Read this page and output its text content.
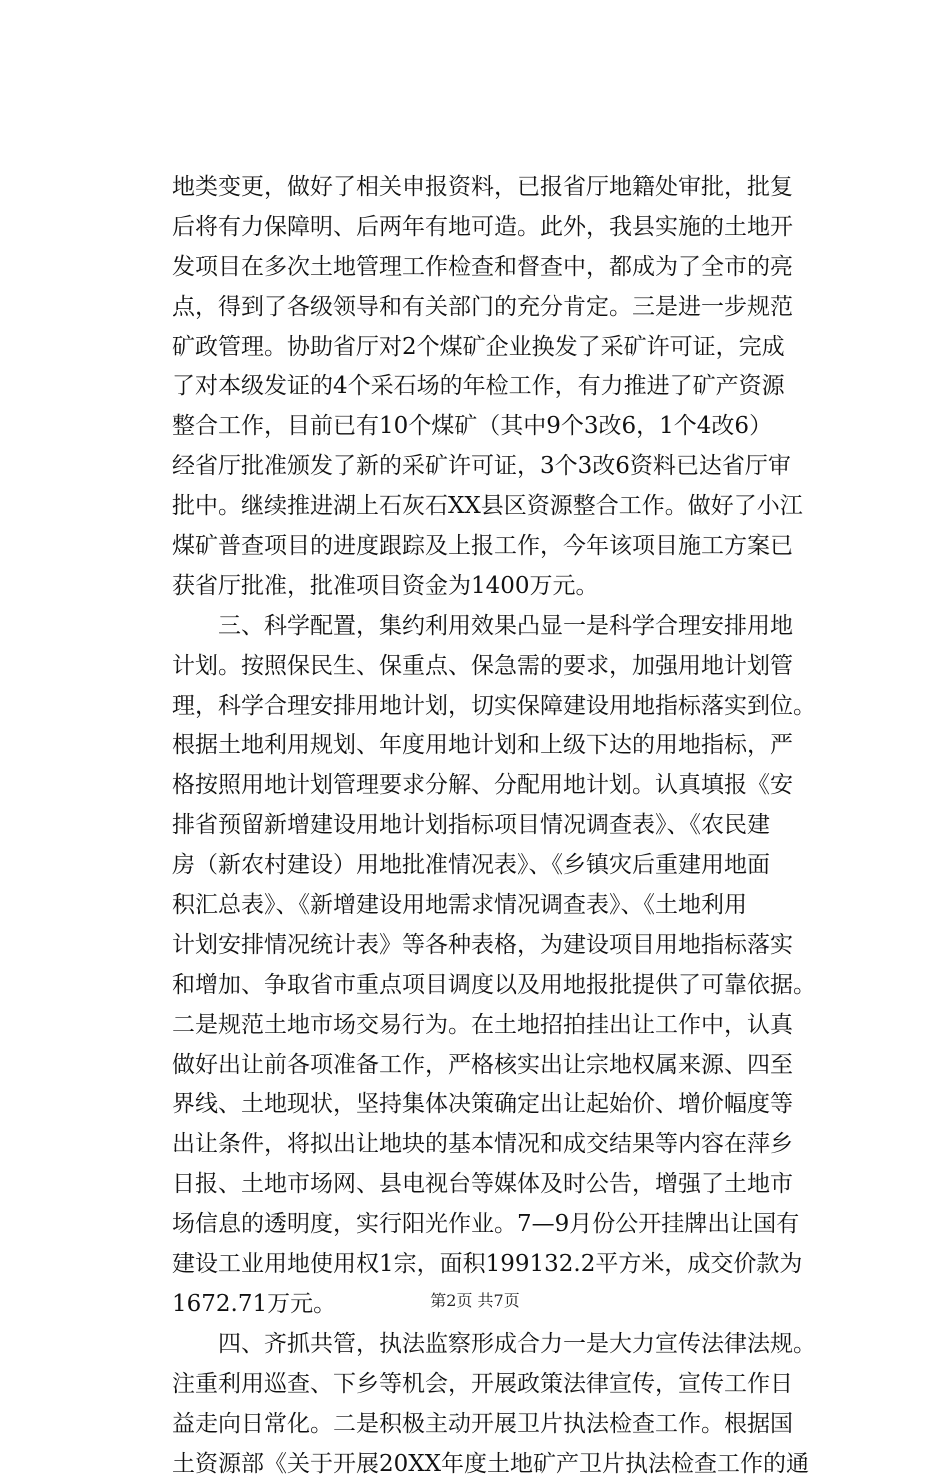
地类变更，做好了相关申报资料，已报省厅地籍处审批，批复
后将有力保障明、后两年有地可造。此外，我县实施的土地开
发项目在多次土地管理工作检查和督查中，都成为了全市的亮
点，得到了各级领导和有关部门的充分肯定。三是进一步规范
矿政管理。协助省厅对2个煤矿企业换发了采矿许可证，完成
了对本级发证的4个采石场的年检工作，有力推进了矿产资源
整合工作，目前已有10个煤矿（其中9个3改6，1个4改6）
经省厅批准颁发了新的采矿许可证，3个3改6资料已达省厅审
批中。继续推进湖上石灰石XX县区资源整合工作。做好了小江
煤矿普查项目的进度跟踪及上报工作，今年该项目施工方案已
获省厅批准，批准项目资金为1400万元。
　　三、科学配置，集约利用效果凸显一是科学合理安排用地
计划。按照保民生、保重点、保急需的要求，加强用地计划管
理，科学合理安排用地计划，切实保障建设用地指标落实到位。
根据土地利用规划、年度用地计划和上级下达的用地指标，严
格按照用地计划管理要求分解、分配用地计划。认真填报《安
排省预留新增建设用地计划指标项目情况调查表》、《农民建
房（新农村建设）用地批准情况表》、《乡镇灾后重建用地面
积汇总表》、《新增建设用地需求情况调查表》、《土地利用
计划安排情况统计表》等各种表格，为建设项目用地指标落实
和增加、争取省市重点项目调度以及用地报批提供了可靠依据。
二是规范土地市场交易行为。在土地招拍挂出让工作中，认真
做好出让前各项准备工作，严格核实出让宗地权属来源、四至
界线、土地现状，坚持集体决策确定出让起始价、增价幅度等
出让条件，将拟出让地块的基本情况和成交结果等内容在萍乡
日报、土地市场网、县电视台等媒体及时公告，增强了土地市
场信息的透明度，实行阳光作业。7—9月份公开挂牌出让国有
建设工业用地使用权1宗，面积199132.2平方米，成交价款为
1672.71万元。
　　四、齐抓共管，执法监察形成合力一是大力宣传法律法规。
注重利用巡查、下乡等机会，开展政策法律宣传，宣传工作日
益走向日常化。二是积极主动开展卫片执法检查工作。根据国
土资源部《关于开展20XX年度土地矿产卫片执法检查工作的通
第2页 共7页
